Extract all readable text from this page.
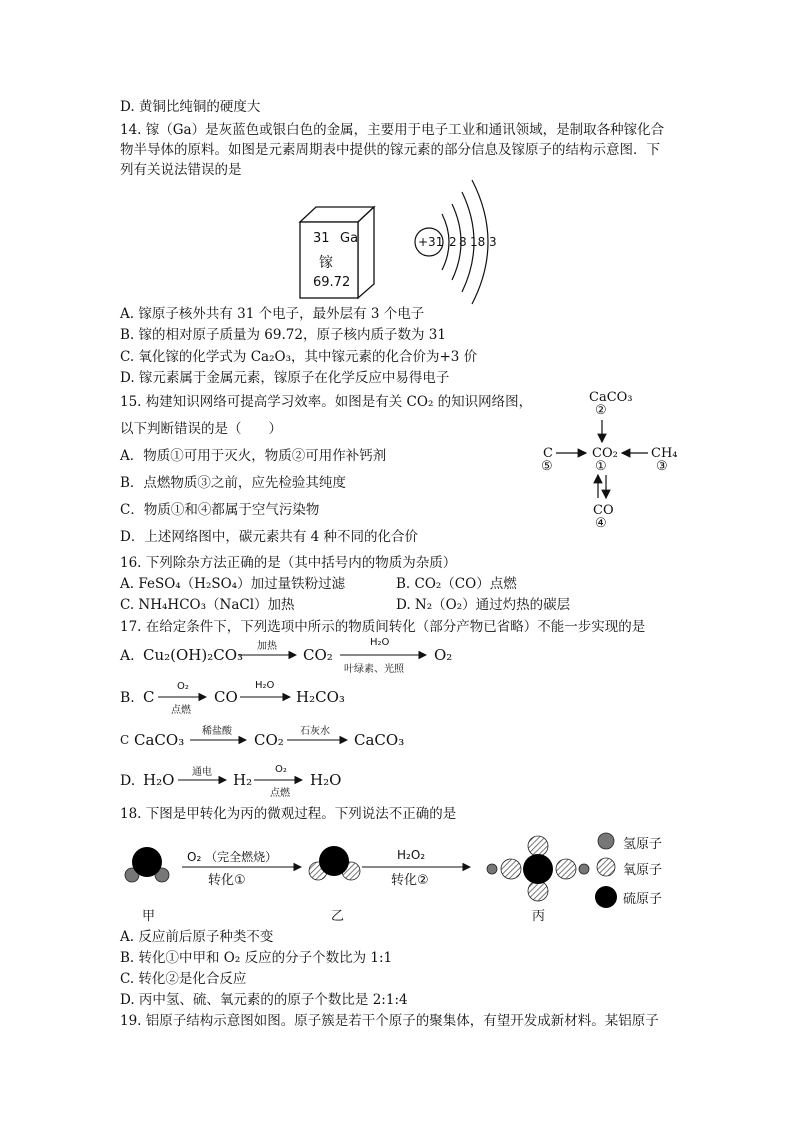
D. 黄铜比纯铜的硬度大
14. 镓（Ga）是灰蓝色或银白色的金属，主要用于电子工业和通讯领域，是制取各种镓化合
物半导体的原料。如图是元素周期表中提供的镓元素的部分信息及镓原子的结构示意图．下
列有关说法错误的是
31 Ga
镓
69.72
+31 2 8 18 3
A. 镓原子核外共有 31 个电子，最外层有 3 个电子
B. 镓的相对原子质量为 69.72，原子核内质子数为 31
C. 氧化镓的化学式为 Ca₂O₃，其中镓元素的化合价为+3 价
D. 镓元素属于金属元素，镓原子在化学反应中易得电子
15. 构建知识网络可提高学习效率。如图是有关 CO₂ 的知识网络图，
以下判断错误的是（　　）
A．物质①可用于灭火，物质②可用作补钙剂
B．点燃物质③之前，应先检验其纯度
C．物质①和④都属于空气污染物
D．上述网络图中，碳元素共有 4 种不同的化合价
CaCO₃
②
CO₂
①
C
⑤
CH₄
③
CO
④
16. 下列除杂方法正确的是（其中括号内的物质为杂质）
A. FeSO₄（H₂SO₄）加过量铁粉过滤	B. CO₂（CO）点燃
C. NH₄HCO₃（NaCl）加热	D. N₂（O₂）通过灼热的碳层
17. 在给定条件下，下列选项中所示的物质间转化（部分产物已省略）不能一步实现的是
A. Cu₂(OH)₂CO₃ 加热 CO₂
H₂O
叶绿素、光照
O₂
B. C
O₂
点燃
CO
H₂O
H₂CO₃
C CaCO₃ 稀盐酸 CO₂ 石灰水 CaCO₃
D. H₂O 通电 H₂
O₂
点燃
H₂O
18. 下图是甲转化为丙的微观过程。下列说法不正确的是
O₂ （完全燃烧）
转化①
H₂O₂
转化②
甲	乙	丙
氢原子
氧原子
硫原子
A. 反应前后原子种类不变
B. 转化①中甲和 O₂ 反应的分子个数比为 1:1
C. 转化②是化合反应
D. 丙中氢、硫、氧元素的的原子个数比是 2:1:4
19. 铝原子结构示意图如图。原子簇是若干个原子的聚集体，有望开发成新材料。某铝原子
